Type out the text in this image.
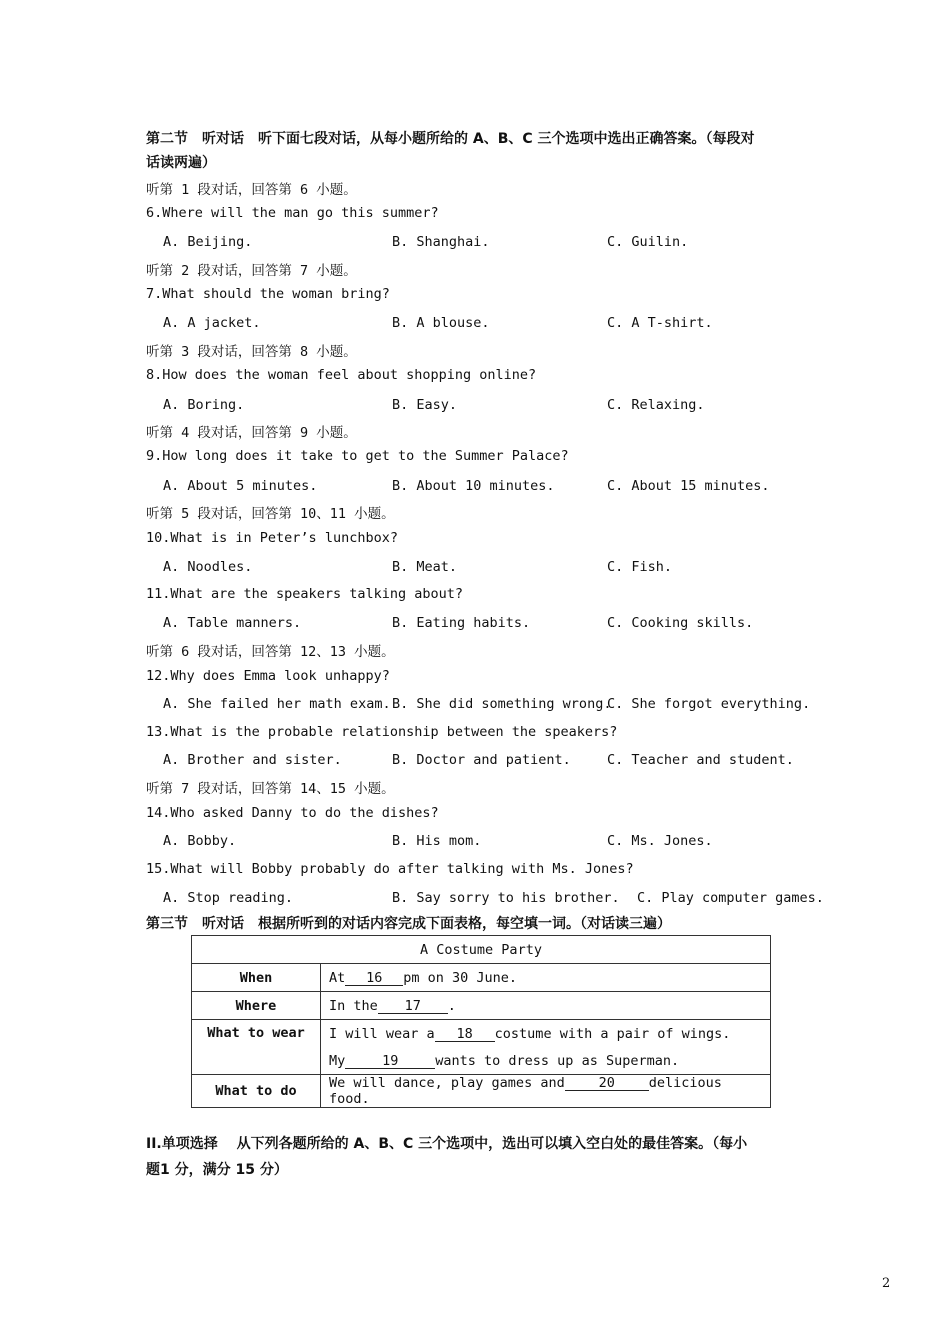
第二节　听对话　听下面七段对话，从每小题所给的 A、B、C 三个选项中选出正确答案。（每段对
话读两遍）
听第 1 段对话，回答第 6 小题。
6.Where will the man go this summer?
A. Beijing.	B. Shanghai.	C. Guilin.
听第 2 段对话，回答第 7 小题。
7.What should the woman bring?
A. A jacket.	B. A blouse.	C. A T-shirt.
听第 3 段对话，回答第 8 小题。
8.How does the woman feel about shopping online?
A. Boring.	B. Easy.	C. Relaxing.
听第 4 段对话，回答第 9 小题。
9.How long does it take to get to the Summer Palace?
A. About 5 minutes.	B. About 10 minutes.	C. About 15 minutes.
听第 5 段对话，回答第 10、11 小题。
10.What is in Peter’s lunchbox?
A. Noodles.	B. Meat.	C. Fish.
11.What are the speakers talking about?
A. Table manners.	B. Eating habits.	C. Cooking skills.
听第 6 段对话，回答第 12、13 小题。
12.Why does Emma look unhappy?
A. She failed her math exam. B. She did something wrong.
C. She forgot everything.
13.What is the probable relationship between the speakers?
A. Brother and sister.	B. Doctor and patient.	C. Teacher and student.
听第 7 段对话，回答第 14、15 小题。
14.Who asked Danny to do the dishes?
A. Bobby.	B. His mom.	C. Ms. Jones.
15.What will Bobby probably do after talking with Ms. Jones?
A. Stop reading.	B. Say sorry to his brother. C. Play computer games.
第三节　听对话　根据所听到的对话内容完成下面表格，每空填一词。（对话读三遍）
A Costume Party	
When	At 16 pm on 30 June.
Where	In the 17 .
What to wear	I will wear a 18 costume with a pair of wings.
	My 19 wants to dress up as Superman.
What to do	We will dance, play games and 20 delicious food.
II.单项选择　 从下列各题所给的 A、B、C 三个选项中，选出可以填入空白处的最佳答案。（每小
题1 分，满分 15 分）
2
